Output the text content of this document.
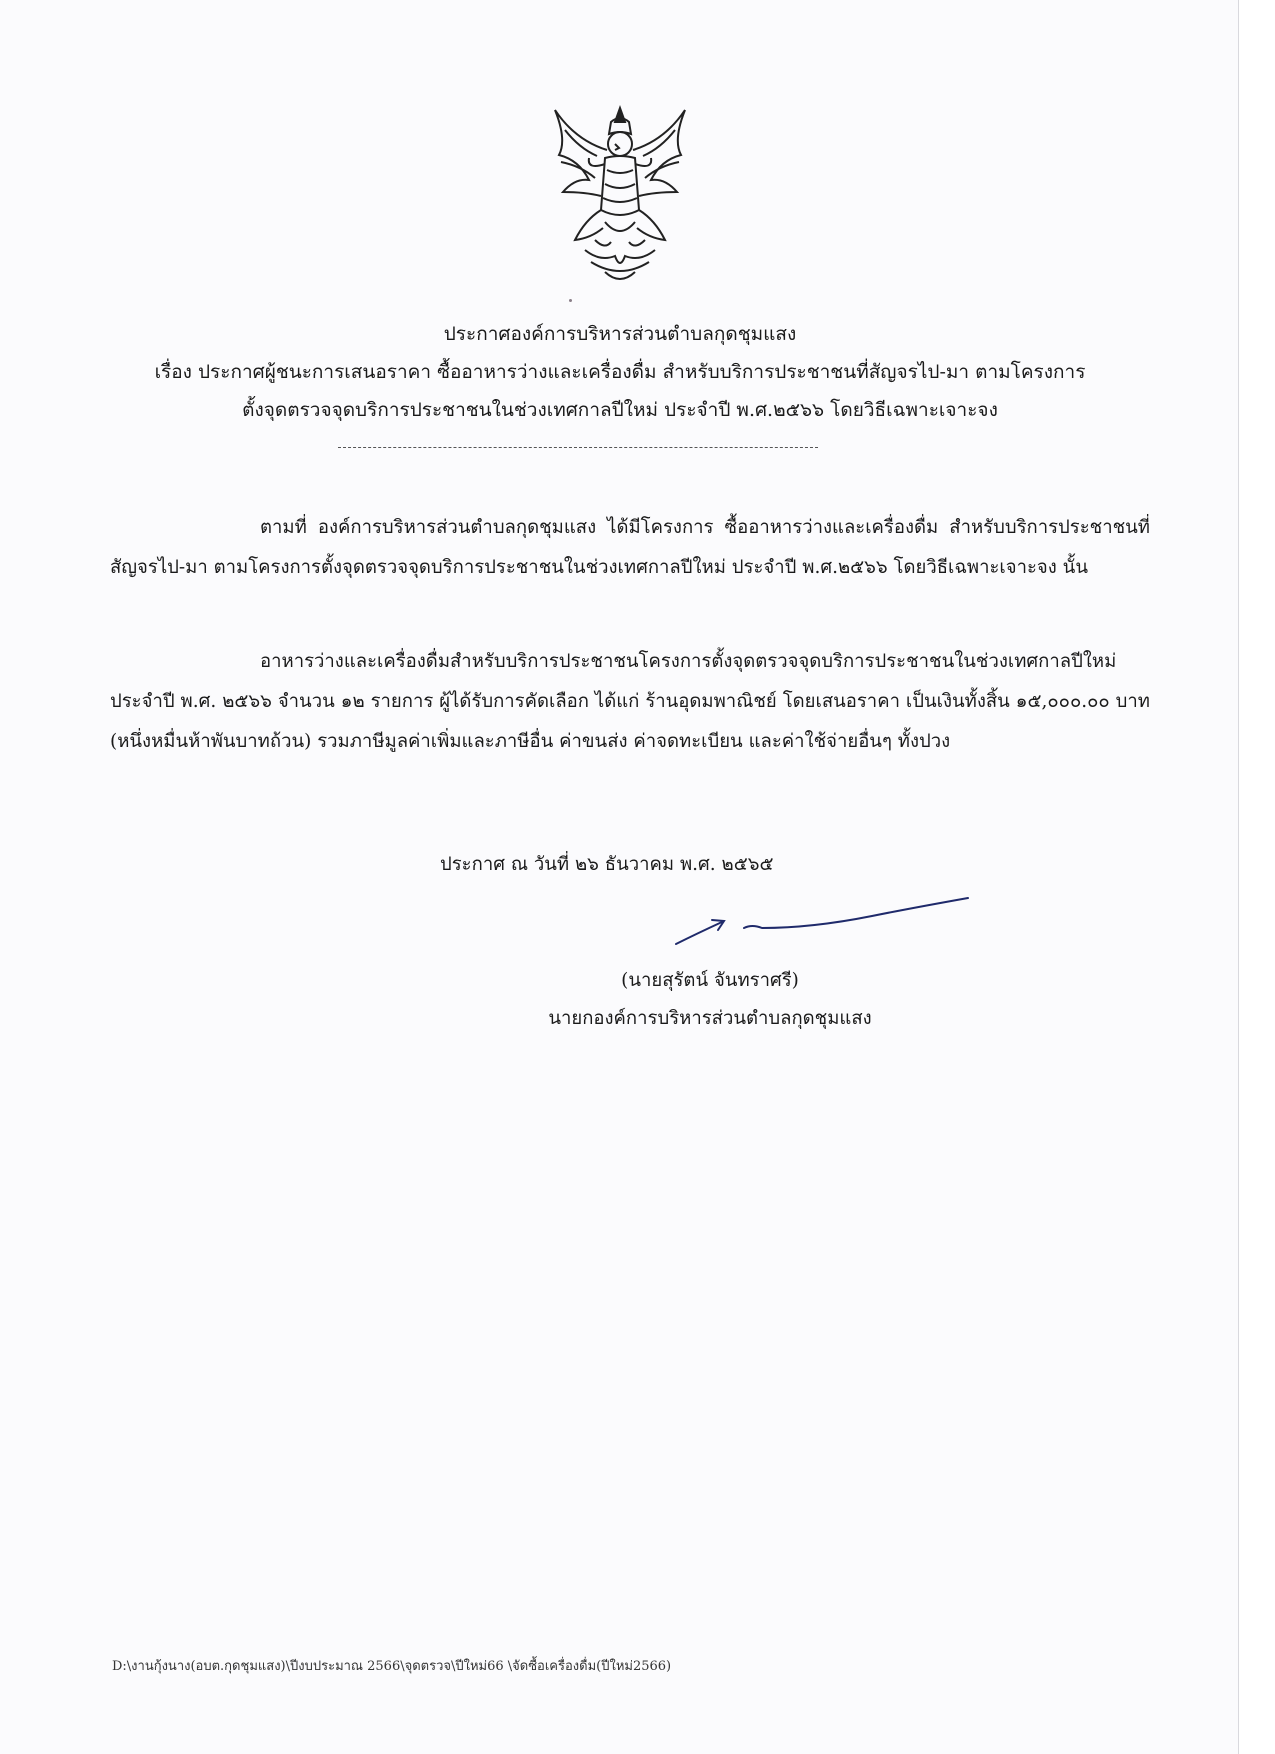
ประกาศองค์การบริหารส่วนตำบลกุดชุมแสง
เรื่อง ประกาศผู้ชนะการเสนอราคา ซื้ออาหารว่างและเครื่องดื่ม สำหรับบริการประชาชนที่สัญจรไป-มา ตามโครงการ
ตั้งจุดตรวจจุดบริการประชาชนในช่วงเทศกาลปีใหม่ ประจำปี พ.ศ.๒๕๖๖ โดยวิธีเฉพาะเจาะจง
ตามที่ องค์การบริหารส่วนตำบลกุดชุมแสง ได้มีโครงการ ซื้ออาหารว่างและเครื่องดื่ม สำหรับบริการประชาชนที่สัญจรไป-มา ตามโครงการตั้งจุดตรวจจุดบริการประชาชนในช่วงเทศกาลปีใหม่ ประจำปี พ.ศ.๒๕๖๖ โดยวิธีเฉพาะเจาะจง นั้น
อาหารว่างและเครื่องดื่มสำหรับบริการประชาชนโครงการตั้งจุดตรวจจุดบริการประชาชนในช่วงเทศกาลปีใหม่ ประจำปี พ.ศ. ๒๕๖๖ จำนวน ๑๒ รายการ ผู้ได้รับการคัดเลือก ได้แก่ ร้านอุดมพาณิชย์ โดยเสนอราคา เป็นเงินทั้งสิ้น ๑๕,๐๐๐.๐๐ บาท (หนึ่งหมื่นห้าพันบาทถ้วน) รวมภาษีมูลค่าเพิ่มและภาษีอื่น ค่าขนส่ง ค่าจดทะเบียน และค่าใช้จ่ายอื่นๆ ทั้งปวง
ประกาศ ณ วันที่ ๒๖ ธันวาคม พ.ศ. ๒๕๖๕
(นายสุรัตน์ จันทราศรี)
นายกองค์การบริหารส่วนตำบลกุดชุมแสง
D:\งานกุ้งนาง(อบต.กุดชุมแสง)\ปีงบประมาณ 2566\จุดตรวจ\ปีใหม่66 \จัดซื้อเครื่องดื่ม(ปีใหม่2566)
